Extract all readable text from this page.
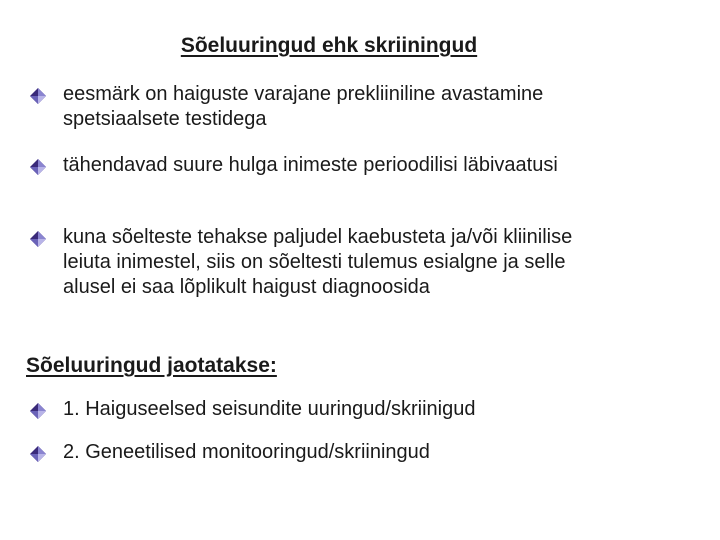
Sõeluuringud ehk skriiningud
eesmärk on haiguste varajane prekliiniline avastamine spetsiaalsete testidega
tähendavad suure hulga inimeste perioodilisi läbivaatusi
kuna sõelteste tehakse paljudel kaebusteta ja/või kliinilise leiuta inimestel, siis on sõeltesti tulemus esialgne ja selle alusel ei saa lõplikult haigust diagnoosida
Sõeluuringud jaotatakse:
1. Haiguseelsed seisundite uuringud/skriinigud
2. Geneetilised monitooringud/skriiningud
